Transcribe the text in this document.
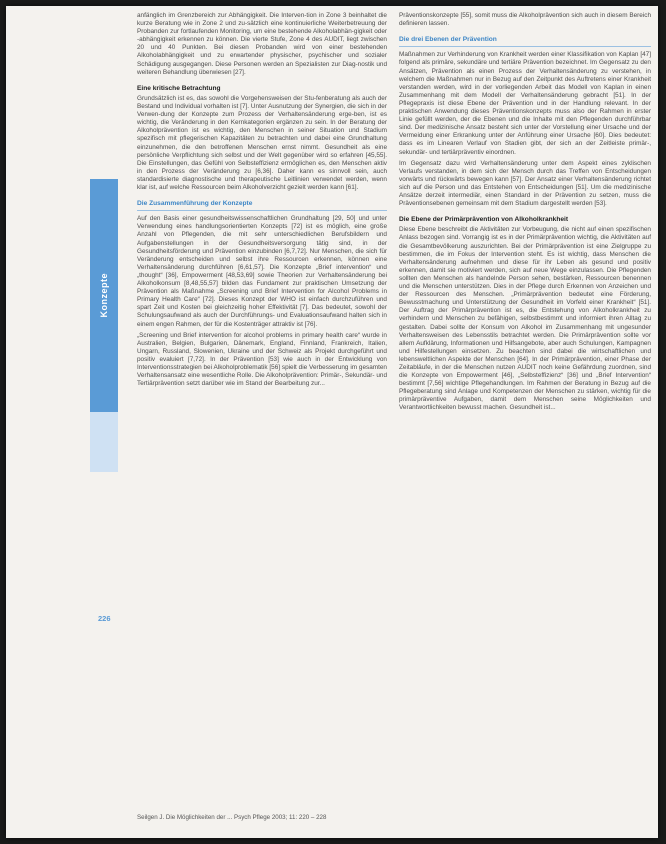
Konzepte
226

anfänglich im Grenzbereich zur Abhängigkeit. Die Interven-tion in Zone 3 beinhaltet die kurze Beratung wie in Zone 2 und zu-sätzlich eine kontinuierliche Weiterbetreuung der Probanden zur fortlaufenden Monitoring, um eine bestehende Alkoholabhän-gigkeit oder -abhängigkeit erkennen zu können. Die vierte Stufe, Zone 4 des AUDIT, liegt zwischen 20 und 40 Punkten. Bei diesen Probanden wird von einer bestehenden Alkoholabhängigkeit und zu erwartender physischer, psychischer und sozialer Schädigung ausgegangen. Diese Personen werden an Spezialisten zur Diag-nostik und weiteren Behandlung überwiesen [27].

Eine kritische Betrachtung

Grundsätzlich ist es, das sowohl die Vorgehensweisen der Stu-fenberatung als auch der Bestand und Individual vorhalten ist [7]. Unter Ausnutzung der Synergien, die sich in der Verwen-dung der Konzepte zum Prozess der Verhaltensänderung erge-ben, ist es wichtig, die Veränderung in den Kernkategorien ergänzen zu sein. In der Beratung der Alkoholprävention ist es wichtig, den Menschen in seiner Situation und Stadium spezifisch mit pflegerischen Kapazitäten zu betrachten und dabei eine Grundhaltung einzunehmen, die den betroffenen Menschen ernst nimmt. Gesundheit als eine persönliche Verpflichtung sich selbst und der Welt gegenüber wird so erfahren [45,55]. Die Einstellungen, das Gefühl von Selbsteffizienz ermöglichen es, den Menschen aktiv in den Prozess der Veränderung zu [6,36]. Daher kann es sinnvoll sein, auch standardisierte diagnostische und therapeutische Leitlinien verwendet werden, wenn klar ist, auf welche Ressourcen beim Alkoholverzicht gezielt werden kann [61].

Die Zusammenführung der Konzepte

Auf den Basis einer gesundheitswissenschaftlichen Grundhaltung [29, 50] und unter Verwendung eines handlungsorientierten Konzepts [72] ist es möglich, eine große Anzahl von Pflegenden, die mit sehr unterschiedlichen Berufsbildern und Aufgabenstellungen in der Gesundheitsversorgung tätig sind, in der Gesundheitsförderung und Prävention einzubinden [6,7,72]. Nur Menschen, die sich für Veränderung entscheiden und selbst ihre Ressourcen erkennen, können eine Verhaltensänderung durchführen [6,61,57]. Die Konzepte „Brief intervention“ und „thought“ [36], Empowerment [48,53,69] sowie Theorien zur Verhaltensänderung bei Alkoholkonsum [8,48,55,57] bilden das Fundament zur praktischen Umsetzung der Prävention als Maßnahme „Screening und Brief Intervention for Alcohol Problems in Primary Health Care“ [72]. Dieses Konzept der WHO ist einfach durchzuführen und spart Zeit und Kosten bei gleichzeitig hoher Effektivität [7]. Das bedeutet, sowohl der Schulungsaufwand als auch der Durchführungs- und Evaluationsaufwand halten sich in einem engen Rahmen, der für die Kostenträger attraktiv ist [76].

„Screening und Brief intervention for alcohol problems in primary health care“ wurde in Australien, Belgien, Bulgarien, Dänemark, England, Finnland, Frankreich, Italien, Ungarn, Russland, Slowenien, Ukraine und der Schweiz als Projekt durchgeführt und positiv evaluiert [7,72]. In der Prävention [53] wie auch in der Entwicklung von Interventionsstrategien bei Alkoholproblematik [56] spielt die Verbesserung im gesamten Verhaltensansatz eine wesentliche Rolle. Die Alkoholprävention: Primär-, Sekundär- und Tertiärprävention setzt darüber wie im Stand der Bearbeitung zur...

Präventionskonzepte [55], somit muss die Alkoholprävention sich auch in diesem Bereich definieren lassen.

Die drei Ebenen der Prävention

Maßnahmen zur Verhinderung von Krankheit werden einer Klassifikation von Kaplan [47] folgend als primäre, sekundäre und tertiäre Prävention bezeichnet. Im Gegensatz zu den Ansätzen, Prävention als einen Prozess der Verhaltensänderung zu verstehen, in welchem die Maßnahmen nur in Bezug auf den Zeitpunkt des Auftretens einer Krankheit verstanden werden, wird in der vorliegenden Arbeit das Modell von Kaplan in einen Zusammenhang mit dem Modell der Verhaltensänderung gebracht [51]. In der Pflegepraxis ist diese Ebene der Prävention und in der Handlung relevant. In der praktischen Anwendung dieses Präventionskonzepts muss also der Rahmen in erster Linie gefüllt werden, der die Ebenen und die Inhalte mit den Pflegenden durchführbar sind. Der medizinische Ansatz besteht sich unter der Vorstellung einer Ursache und der Vermeidung einer Erkrankung unter der Anführung einer Ursache [60]. Dies bedeutet: dass es im Linearen Verlauf von Stadien gibt, der sich an der Zeitleiste primär-, sekundär- und tertiärpräventiv einordnen.

Im Gegensatz dazu wird Verhaltensänderung unter dem Aspekt eines zyklischen Verlaufs verstanden, in dem sich der Mensch durch das Treffen von Entscheidungen vorwärts und rückwärts bewegen kann [57]. Der Ansatz einer Verhaltensänderung richtet sich auf die Person und das Entstehen von Entscheidungen [51]. Um die medizinische Ansätze derzeit intermediär, einen Standard in der Prävention zu setzen, muss die Präventionsebenen gemeinsam mit dem Stadium dargestellt werden [53].

Die Ebene der Primärprävention von Alkoholkrankheit

Diese Ebene beschreibt die Aktivitäten zur Vorbeugung, die nicht auf einen spezifischen Anlass bezogen sind. Vorrangig ist es in der Primärprävention wichtig, die Aktivitäten auf die Gesamtbevölkerung auszurichten. Bei der Primärprävention ist eine Zielgruppe zu bestimmen, die im Fokus der Intervention steht. Es ist wichtig, dass Menschen die Verhaltensänderung aufnehmen und diese für ihr Leben als gesund und positiv erkennen, damit sie motiviert werden, sich auf neue Wege einzulassen. Die Pflegenden sollten den Menschen als handelnde Person sehen, bestärken, Ressourcen benennen und die Menschen unterstützen. Dies in der Pflege durch Erkennen von Anzeichen und der Ressourcen des Menschen. „Primärprävention bedeutet eine Förderung, Bewusstmachung und Unterstützung der Gesundheit im Vorfeld einer Krankheit“ [51]. Der Auftrag der Primärprävention ist es, die Entstehung von Alkoholkrankheit zu verhindern und Menschen zu befähigen, selbstbestimmt und informiert ihren Alltag zu gestalten. Dabei sollte der Konsum von Alkohol im Zusammenhang mit ungesunder Verhaltensweisen des Lebensstils betrachtet werden. Die Primärprävention sollte vor allem Aufklärung, Informationen und Hilfsangebote, aber auch Schulungen, Kampagnen und Hilfestellungen einsetzen. Zu beachten sind dabei die wirtschaftlichen und lebensweltlichen Aspekte der Menschen [64]. In der Primärprävention, einer Phase der Zeitabläufe, in der die Menschen nutzen AUDIT noch keine Gefährdung zuordnen, sind die Konzepte von Empowerment [46], „Selbsteffizienz“ [36] und „Brief Intervention“ bestimmt [7,56] wichtige Pflegehandlungen. Im Rahmen der Beratung in Bezug auf die Pflegeberatung sind Anlage und Kompetenzen der Menschen zu stärken, wichtig für die primärpräventive Aufgaben, damit dem Menschen seine Möglichkeiten und Verantwortlichkeiten bewusst machen. Gesundheit ist...

Seilgen J. Die Möglichkeiten der ... Psych Pflege 2003; 11: 220 – 228
